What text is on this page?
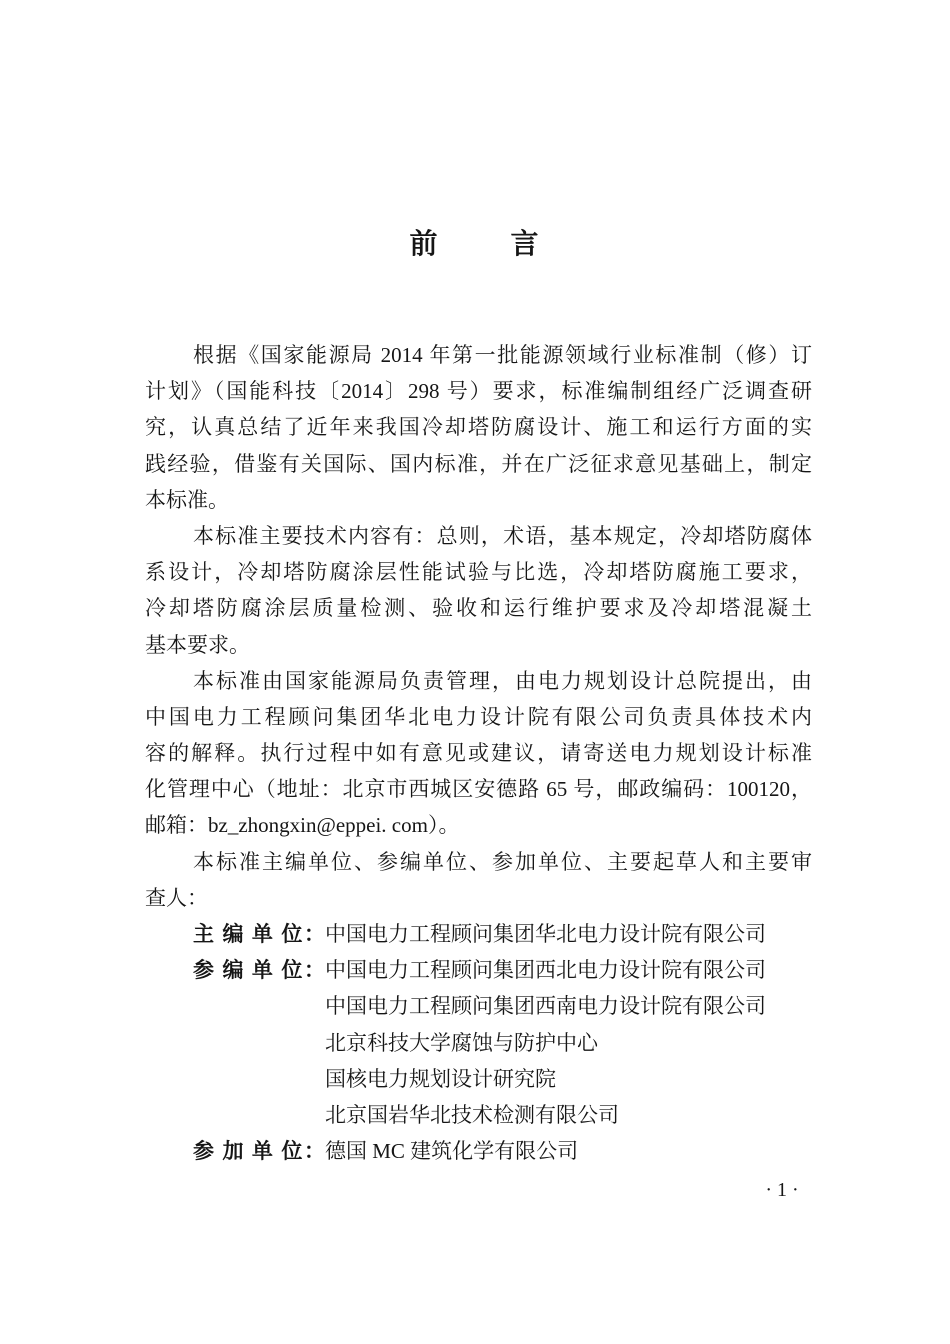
前 言
根据《国家能源局 2014 年第一批能源领域行业标准制（修）订
计划》（国能科技〔2014〕298 号）要求，标准编制组经广泛调查研
究，认真总结了近年来我国冷却塔防腐设计、施工和运行方面的实
践经验，借鉴有关国际、国内标准，并在广泛征求意见基础上，制定
本标准。
本标准主要技术内容有：总则，术语，基本规定，冷却塔防腐体
系设计，冷却塔防腐涂层性能试验与比选，冷却塔防腐施工要求，
冷却塔防腐涂层质量检测、验收和运行维护要求及冷却塔混凝土
基本要求。
本标准由国家能源局负责管理，由电力规划设计总院提出，由
中国电力工程顾问集团华北电力设计院有限公司负责具体技术内
容的解释。执行过程中如有意见或建议，请寄送电力规划设计标准
化管理中心（地址：北京市西城区安德路 65 号，邮政编码：100120，
邮箱：bz_zhongxin@eppei. com）。
本标准主编单位、参编单位、参加单位、主要起草人和主要审
查人：
主 编 单 位：中国电力工程顾问集团华北电力设计院有限公司
参 编 单 位：中国电力工程顾问集团西北电力设计院有限公司
中国电力工程顾问集团西南电力设计院有限公司
北京科技大学腐蚀与防护中心
国核电力规划设计研究院
北京国岩华北技术检测有限公司
参 加 单 位：德国 MC 建筑化学有限公司
· 1 ·
